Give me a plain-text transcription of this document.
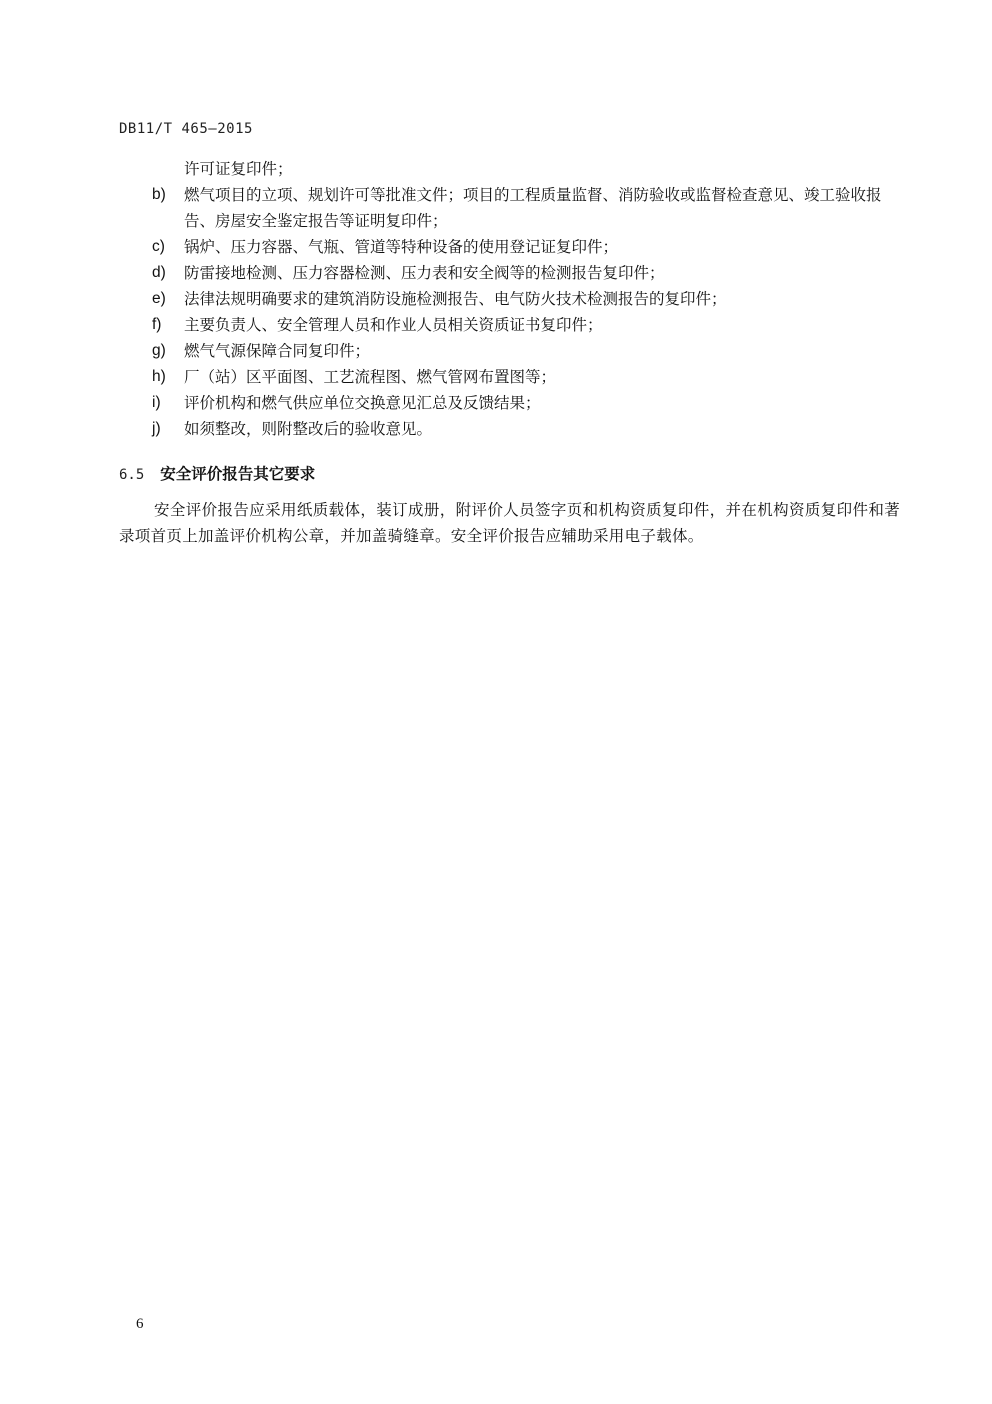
DB11/T 465—2015
许可证复印件；
b) 燃气项目的立项、规划许可等批准文件；项目的工程质量监督、消防验收或监督检查意见、竣工验收报告、房屋安全鉴定报告等证明复印件；
c) 锅炉、压力容器、气瓶、管道等特种设备的使用登记证复印件；
d) 防雷接地检测、压力容器检测、压力表和安全阀等的检测报告复印件；
e) 法律法规明确要求的建筑消防设施检测报告、电气防火技术检测报告的复印件；
f) 主要负责人、安全管理人员和作业人员相关资质证书复印件；
g) 燃气气源保障合同复印件；
h) 厂（站）区平面图、工艺流程图、燃气管网布置图等；
i) 评价机构和燃气供应单位交换意见汇总及反馈结果；
j) 如须整改，则附整改后的验收意见。
6.5 安全评价报告其它要求
安全评价报告应采用纸质载体，装订成册，附评价人员签字页和机构资质复印件，并在机构资质复印件和著录项首页上加盖评价机构公章，并加盖骑缝章。安全评价报告应辅助采用电子载体。
6
